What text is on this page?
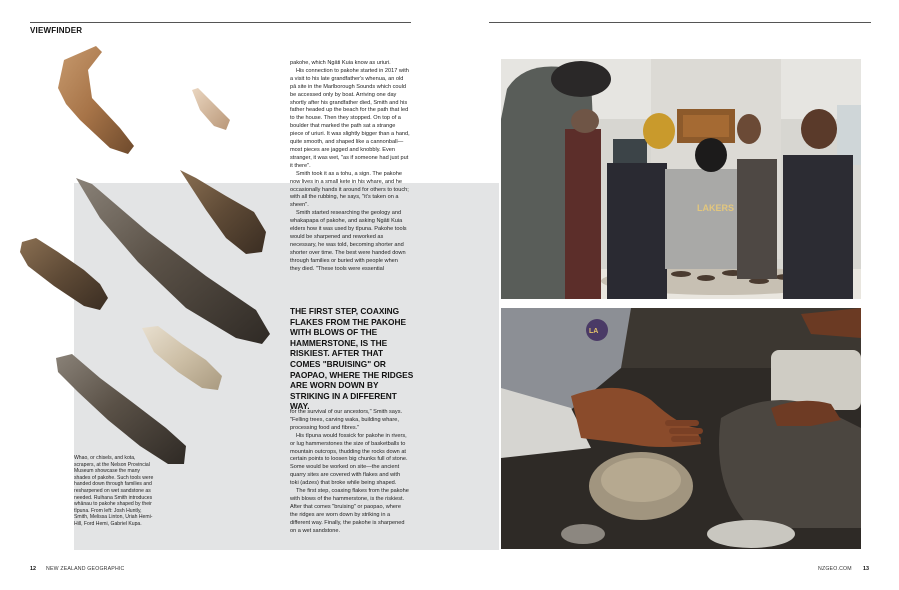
VIEWFINDER

pakohe, which Ngāti Kuia know as uriuri.

His connection to pakohe started in 2017 with a visit to his late grandfather's whenua, an old pā site in the Marlborough Sounds which could be accessed only by boat. Arriving one day shortly after his grandfather died, Smith and his father headed up the beach for the path that led to the house. Then they stopped. On top of a boulder that marked the path sat a strange piece of uriuri. It was slightly bigger than a hand, quite smooth, and shaped like a cannonball—most pieces are jagged and knobbly. Even stranger, it was wet, "as if someone had just put it there".

Smith took it as a tohu, a sign. The pakohe now lives in a small kete in his whare, and he occasionally hands it around for others to touch; with all the rubbing, he says, "it's taken on a sheen".

Smith started researching the geology and whakapapa of pakohe, and asking Ngāti Kuia elders how it was used by tīpuna. Pakohe tools would be sharpened and reworked as necessary, he was told, becoming shorter and shorter over time. The best were handed down through families or buried with people when they died. "These tools were essential

THE FIRST STEP, COAXING FLAKES FROM THE PAKOHE WITH BLOWS OF THE HAMMERSTONE, IS THE RISKIEST. AFTER THAT COMES "BRUISING" OR PAOPAO, WHERE THE RIDGES ARE WORN DOWN BY STRIKING IN A DIFFERENT WAY.

for the survival of our ancestors," Smith says. "Felling trees, carving waka, building whare, processing food and fibres."

His tīpuna would fossick for pakohe in rivers, or lug hammerstones the size of basketballs to mountain outcrops, thudding the rocks down at certain points to loosen big chunks full of stone. Some would be worked on site—the ancient quarry sites are covered with flakes and with toki (adzes) that broke while being shaped.

The first step, coaxing flakes from the pakohe with blows of the hammerstone, is the riskiest. After that comes "bruising" or paopao, where the ridges are worn down by striking in a different way. Finally, the pakohe is sharpened on a wet sandstone.

Whao, or chisels, and kota, scrapers, at the Nelson Provincial Museum showcase the many shades of pakohe. Such tools were handed down through families and resharpened on wet sandstone as needed. Ruihana Smith introduces whānau to pakohe shaped by their tīpuna. From left: Josh Huntly, Smith, Melissa Linton, Uriah Hemi-Hill, Ford Hemi, Gabriel Kupa.

LAKERS
LA
12 NEW ZEALAND GEOGRAPHIC	NZGEO.COM 13
